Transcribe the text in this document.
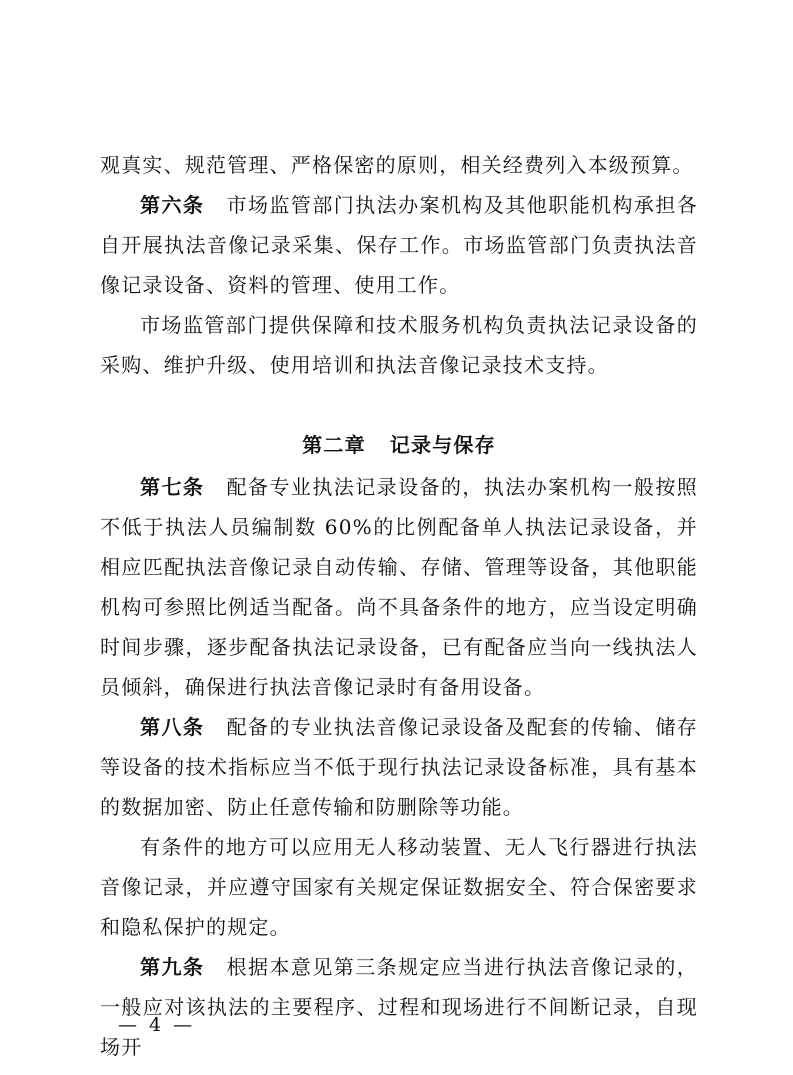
观真实、规范管理、严格保密的原则，相关经费列入本级预算。

第六条 市场监管部门执法办案机构及其他职能机构承担各自开展执法音像记录采集、保存工作。市场监管部门负责执法音像记录设备、资料的管理、使用工作。

市场监管部门提供保障和技术服务机构负责执法记录设备的采购、维护升级、使用培训和执法音像记录技术支持。

第二章 记录与保存

第七条 配备专业执法记录设备的，执法办案机构一般按照不低于执法人员编制数 60%的比例配备单人执法记录设备，并相应匹配执法音像记录自动传输、存储、管理等设备，其他职能机构可参照比例适当配备。尚不具备条件的地方，应当设定明确时间步骤，逐步配备执法记录设备，已有配备应当向一线执法人员倾斜，确保进行执法音像记录时有备用设备。

第八条 配备的专业执法音像记录设备及配套的传输、储存等设备的技术指标应当不低于现行执法记录设备标准，具有基本的数据加密、防止任意传输和防删除等功能。

有条件的地方可以应用无人移动装置、无人飞行器进行执法音像记录，并应遵守国家有关规定保证数据安全、符合保密要求和隐私保护的规定。

第九条 根据本意见第三条规定应当进行执法音像记录的，一般应对该执法的主要程序、过程和现场进行不间断记录，自现场开

— 4 —
